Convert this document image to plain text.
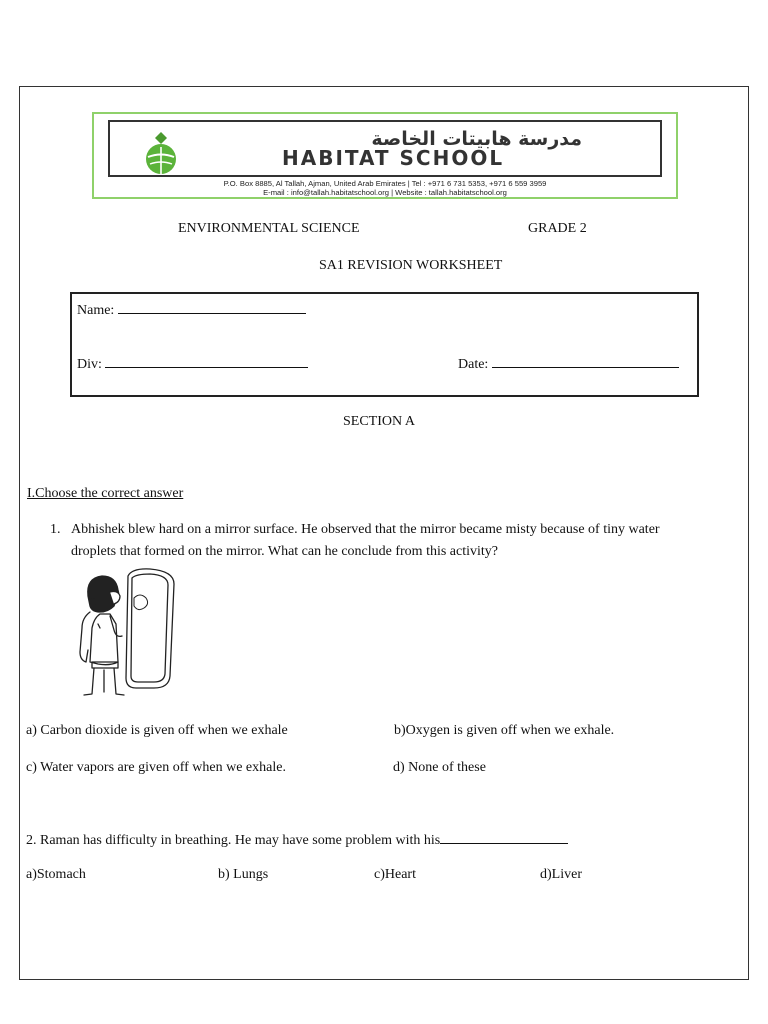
مدرسة هابيتات الخاصة
HABITAT SCHOOL
P.O. Box 8885, Al Tallah, Ajman, United Arab Emirates | Tel : +971 6 731 5353, +971 6 559 3959
E-mail : info@tallah.habitatschool.org | Website : tallah.habitatschool.org
ENVIRONMENTAL SCIENCE	GRADE 2
SA1 REVISION WORKSHEET
Name:
Div:	Date:
SECTION A
I.Choose the correct answer
1. Abhishek blew hard on a mirror surface. He observed that the mirror became misty because of tiny water
droplets that formed on the mirror. What can he conclude from this activity?
a) Carbon dioxide is given off when we exhale	b)Oxygen is given off when we exhale.
c) Water vapors are given off when we exhale.	d) None of these
2. Raman has difficulty in breathing. He may have some problem with his
a)Stomach	b) Lungs	c)Heart	d)Liver
